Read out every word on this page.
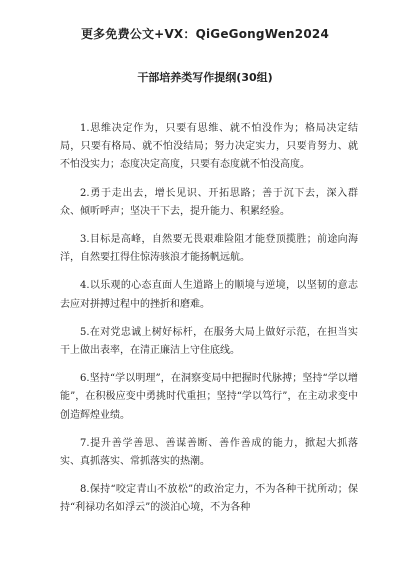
更多免费公文+VX：QiGeGongWen2024
干部培养类写作提纲(30组)

1.思维决定作为，只要有思维、就不怕没作为；格局决定结局，只要有格局、就不怕没结局；努力决定实力，只要肯努力、就不怕没实力；态度决定高度，只要有态度就不怕没高度。

2.勇于走出去，增长见识、开拓思路；善于沉下去，深入群众、倾听呼声；坚决干下去，提升能力、积累经验。

3.目标是高峰，自然要无畏艰难险阻才能登顶揽胜；前途向海洋，自然要扛得住惊涛骇浪才能扬帆远航。

4.以乐观的心态直面人生道路上的顺境与逆境，以坚韧的意志去应对拼搏过程中的挫折和磨难。

5.在对党忠诚上树好标杆，在服务大局上做好示范，在担当实干上做出表率，在清正廉洁上守住底线。

6.坚持“学以明理”，在洞察变局中把握时代脉搏；坚持“学以增能”，在积极应变中勇挑时代重担；坚持“学以笃行”，在主动求变中创造辉煌业绩。

7.提升善学善思、善谋善断、善作善成的能力，掀起大抓落实、真抓落实、常抓落实的热潮。

8.保持“咬定青山不放松”的政治定力，不为各种干扰所动；保持“利禄功名如浮云”的淡泊心境，不为各种
